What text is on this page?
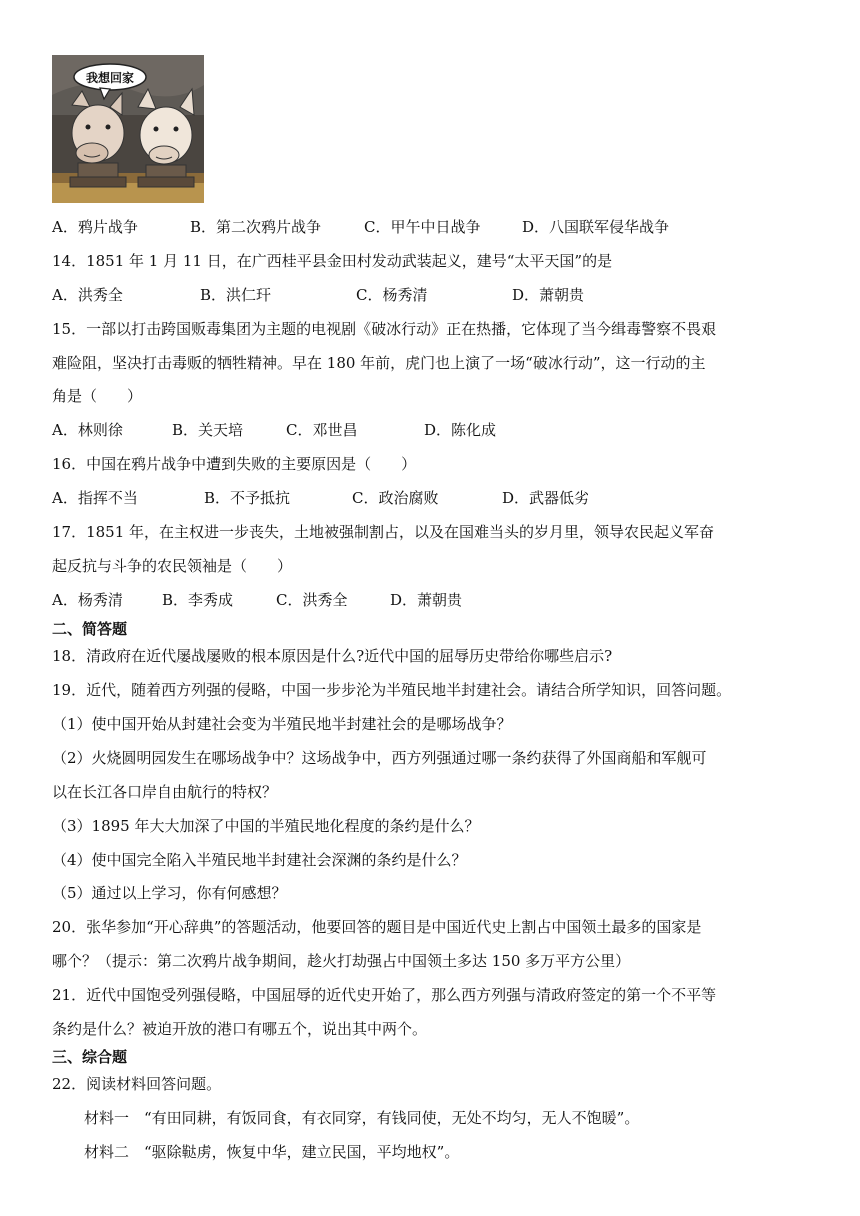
我想回家
A．鸦片战争	B．第二次鸦片战争	C．甲午中日战争	D．八国联军侵华战争
14．1851 年 1 月 11 日，在广西桂平县金田村发动武装起义，建号“太平天国”的是
A．洪秀全	B．洪仁玕	C．杨秀清	D．萧朝贵
15．一部以打击跨国贩毒集团为主题的电视剧《破冰行动》正在热播，它体现了当今缉毒警察不畏艰
难险阻，坚决打击毒贩的牺牲精神。早在 180 年前，虎门也上演了一场“破冰行动”，这一行动的主
角是（　　）
A．林则徐	B．关天培	C．邓世昌	D．陈化成
16．中国在鸦片战争中遭到失败的主要原因是（　　）
A．指挥不当	B．不予抵抗	C．政治腐败	D．武器低劣
17．1851 年，在主权进一步丧失，土地被强制割占，以及在国难当头的岁月里，领导农民起义军奋
起反抗与斗争的农民领袖是（　　）
A．杨秀清	B．李秀成	C．洪秀全	D．萧朝贵
二、简答题
18．清政府在近代屡战屡败的根本原因是什么?近代中国的屈辱历史带给你哪些启示?
19．近代，随着西方列强的侵略，中国一步步沦为半殖民地半封建社会。请结合所学知识，回答问题。
（1）使中国开始从封建社会变为半殖民地半封建社会的是哪场战争？
（2）火烧圆明园发生在哪场战争中？这场战争中，西方列强通过哪一条约获得了外国商船和军舰可
以在长江各口岸自由航行的特权？
（3）1895 年大大加深了中国的半殖民地化程度的条约是什么？
（4）使中国完全陷入半殖民地半封建社会深渊的条约是什么？
（5）通过以上学习，你有何感想？
20．张华参加“开心辞典”的答题活动，他要回答的题目是中国近代史上割占中国领土最多的国家是
哪个？（提示：第二次鸦片战争期间，趁火打劫强占中国领土多达 150 多万平方公里）
21．近代中国饱受列强侵略，中国屈辱的近代史开始了，那么西方列强与清政府签定的第一个不平等
条约是什么？被迫开放的港口有哪五个，说出其中两个。
三、综合题
22．阅读材料回答问题。
材料一　“有田同耕，有饭同食，有衣同穿，有钱同使，无处不均匀，无人不饱暖”。
材料二　“驱除鞑虏，恢复中华，建立民国，平均地权”。
